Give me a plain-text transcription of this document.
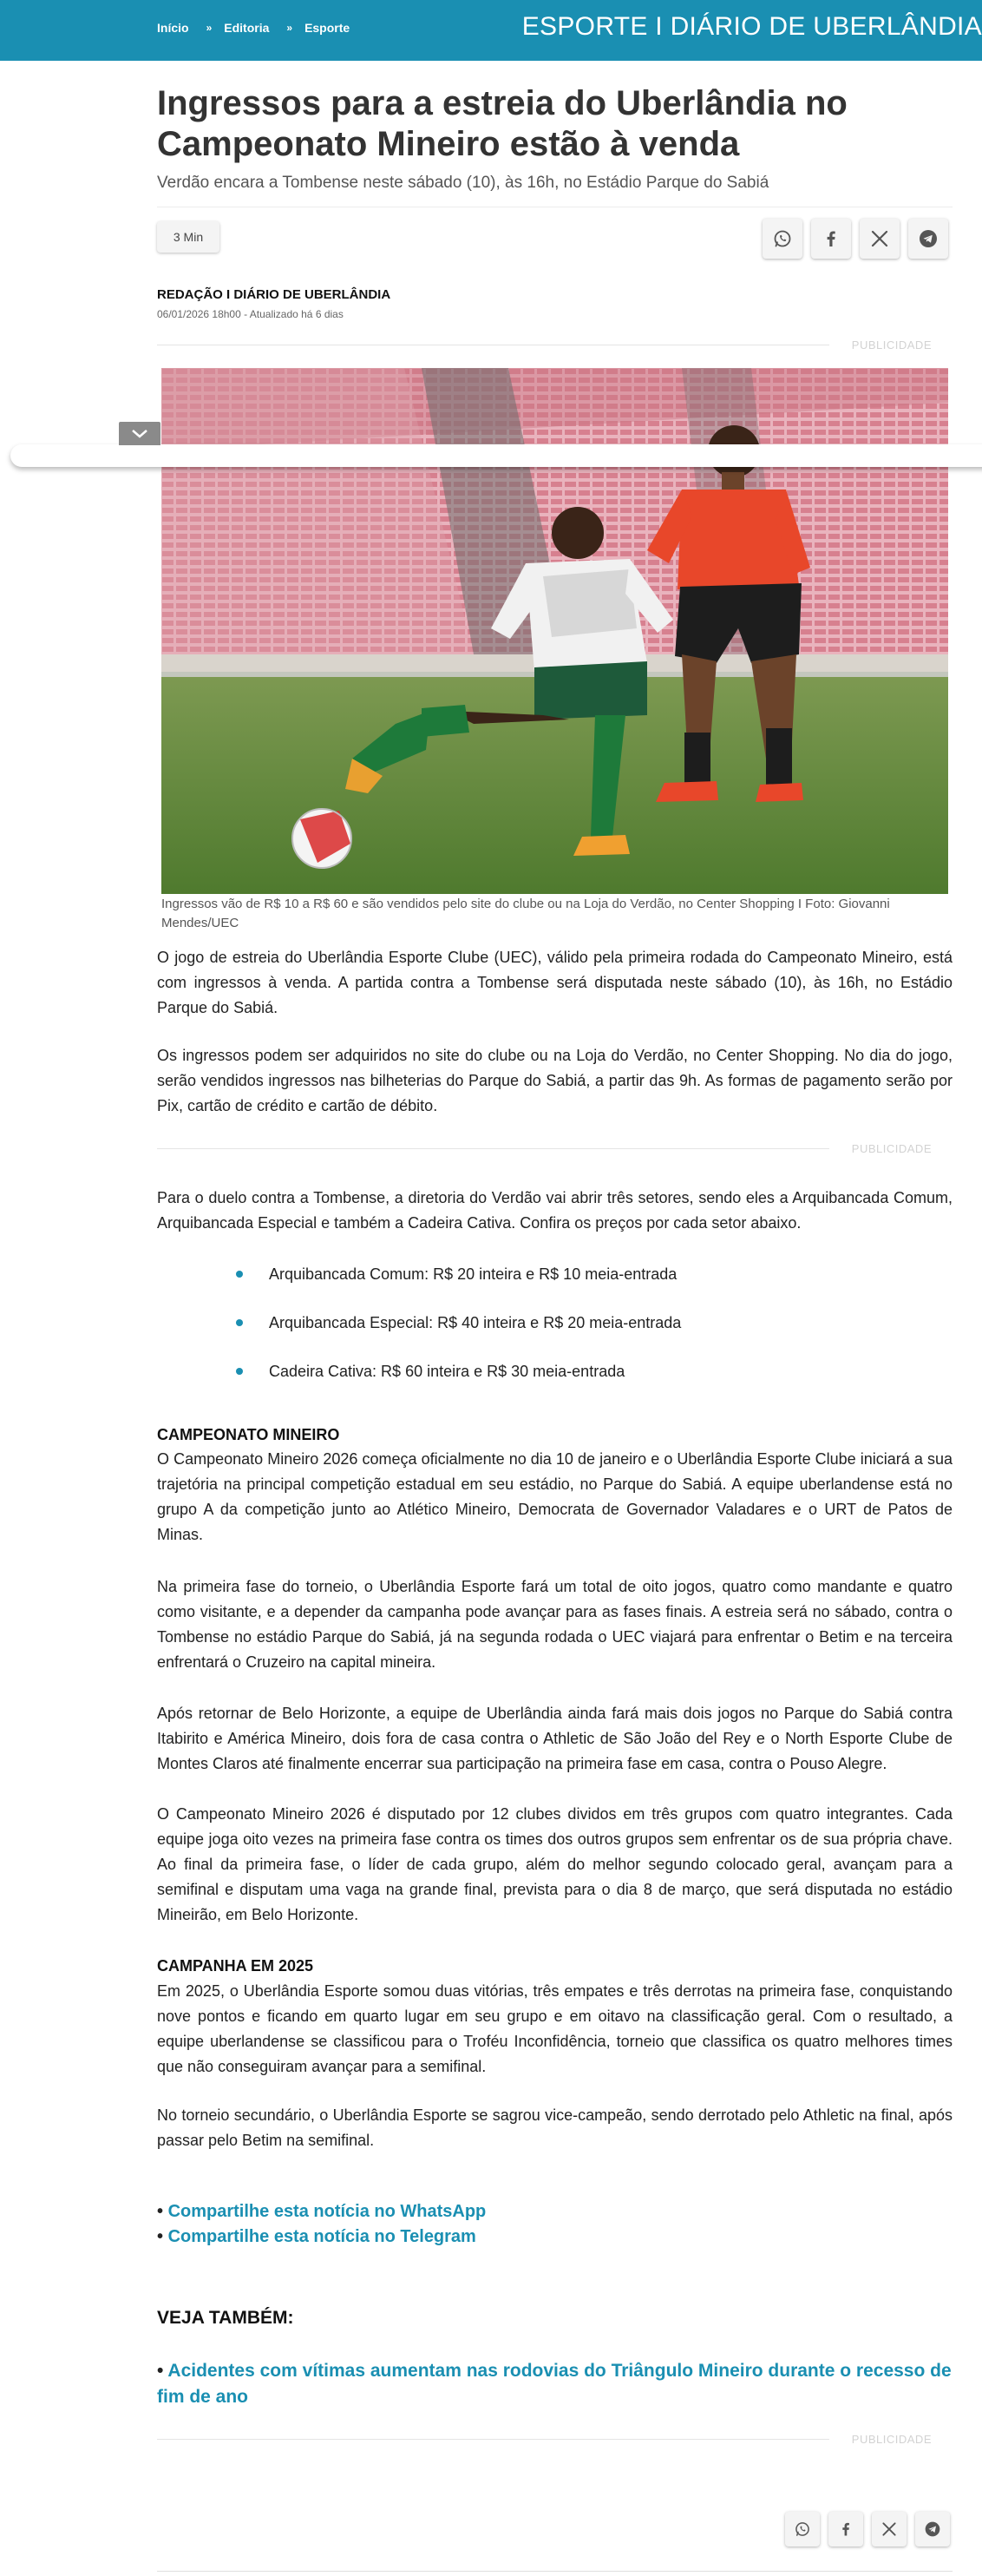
Início » Editoria » Esporte	ESPORTE I DIÁRIO DE UBERLÂNDIA
Ingressos para a estreia do Uberlândia no Campeonato Mineiro estão à venda

Verdão encara a Tombense neste sábado (10), às 16h, no Estádio Parque do Sabiá

3 Min
REDAÇÃO I DIÁRIO DE UBERLÂNDIA
06/01/2026 18h00 - Atualizado há 6 dias
PUBLICIDADE
Ingressos vão de R$ 10 a R$ 60 e são vendidos pelo site do clube ou na Loja do Verdão, no Center Shopping I Foto: Giovanni Mendes/UEC

O jogo de estreia do Uberlândia Esporte Clube (UEC), válido pela primeira rodada do Campeonato Mineiro, está com ingressos à venda. A partida contra a Tombense será disputada neste sábado (10), às 16h, no Estádio Parque do Sabiá.

Os ingressos podem ser adquiridos no site do clube ou na Loja do Verdão, no Center Shopping. No dia do jogo, serão vendidos ingressos nas bilheterias do Parque do Sabiá, a partir das 9h. As formas de pagamento serão por Pix, cartão de crédito e cartão de débito.

PUBLICIDADE

Para o duelo contra a Tombense, a diretoria do Verdão vai abrir três setores, sendo eles a Arquibancada Comum, Arquibancada Especial e também a Cadeira Cativa. Confira os preços por cada setor abaixo.

Arquibancada Comum: R$ 20 inteira e R$ 10 meia-entrada
Arquibancada Especial: R$ 40 inteira e R$ 20 meia-entrada
Cadeira Cativa: R$ 60 inteira e R$ 30 meia-entrada
CAMPEONATO MINEIRO

O Campeonato Mineiro 2026 começa oficialmente no dia 10 de janeiro e o Uberlândia Esporte Clube iniciará a sua trajetória na principal competição estadual em seu estádio, no Parque do Sabiá. A equipe uberlandense está no grupo A da competição junto ao Atlético Mineiro, Democrata de Governador Valadares e o URT de Patos de Minas.

Na primeira fase do torneio, o Uberlândia Esporte fará um total de oito jogos, quatro como mandante e quatro como visitante, e a depender da campanha pode avançar para as fases finais. A estreia será no sábado, contra o Tombense no estádio Parque do Sabiá, já na segunda rodada o UEC viajará para enfrentar o Betim e na terceira enfrentará o Cruzeiro na capital mineira.

Após retornar de Belo Horizonte, a equipe de Uberlândia ainda fará mais dois jogos no Parque do Sabiá contra Itabirito e América Mineiro, dois fora de casa contra o Athletic de São João del Rey e o North Esporte Clube de Montes Claros até finalmente encerrar sua participação na primeira fase em casa, contra o Pouso Alegre.

O Campeonato Mineiro 2026 é disputado por 12 clubes dividos em três grupos com quatro integrantes. Cada equipe joga oito vezes na primeira fase contra os times dos outros grupos sem enfrentar os de sua própria chave. Ao final da primeira fase, o líder de cada grupo, além do melhor segundo colocado geral, avançam para a semifinal e disputam uma vaga na grande final, prevista para o dia 8 de março, que será disputada no estádio Mineirão, em Belo Horizonte.

CAMPANHA EM 2025

Em 2025, o Uberlândia Esporte somou duas vitórias, três empates e três derrotas na primeira fase, conquistando nove pontos e ficando em quarto lugar em seu grupo e em oitavo na classificação geral. Com o resultado, a equipe uberlandense se classificou para o Troféu Inconfidência, torneio que classifica os quatro melhores times que não conseguiram avançar para a semifinal.

No torneio secundário, o Uberlândia Esporte se sagrou vice-campeão, sendo derrotado pelo Athletic na final, após passar pelo Betim na semifinal.

• Compartilhe esta notícia no WhatsApp
• Compartilhe esta notícia no Telegram
VEJA TAMBÉM:
• Acidentes com vítimas aumentam nas rodovias do Triângulo Mineiro durante o recesso de fim de ano
PUBLICIDADE
